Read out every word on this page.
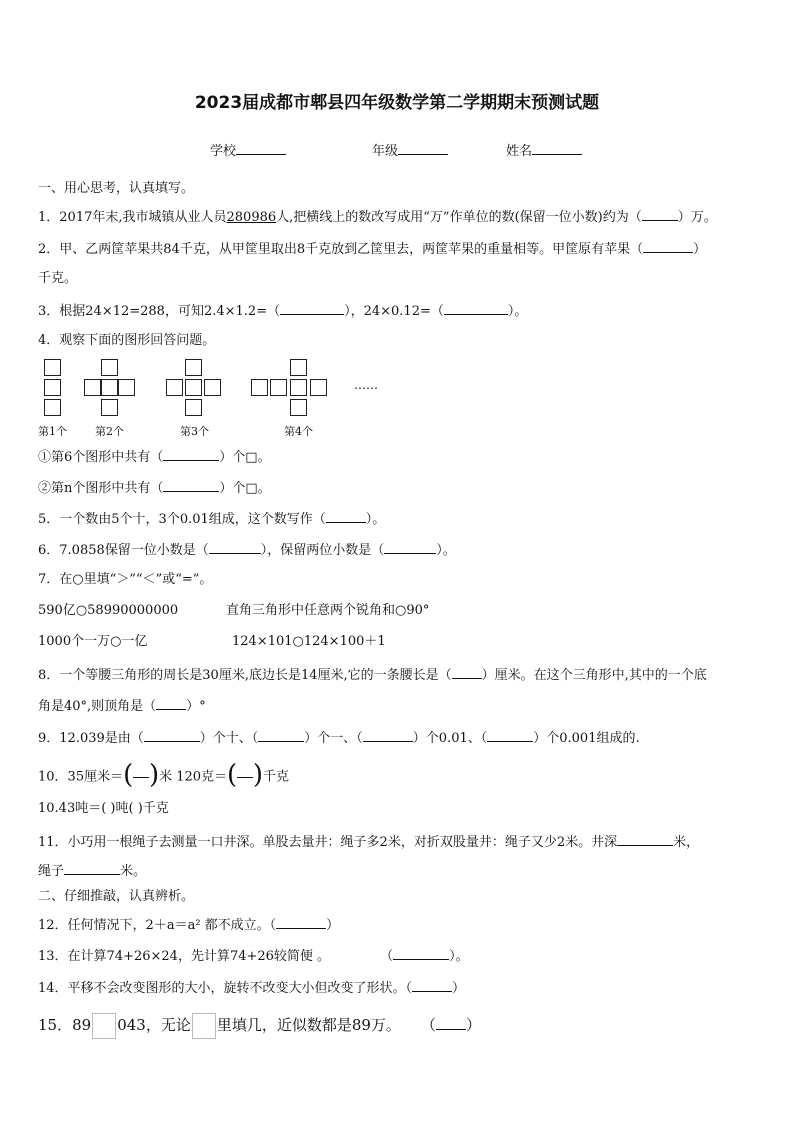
2023届成都市郫县四年级数学第二学期期末预测试题
学校	年级	姓名
一、用心思考，认真填写。
1．2017年末,我市城镇从业人员280986人,把横线上的数改写成用“万”作单位的数(保留一位小数)约为（	）万。
2．甲、乙两筐苹果共84千克，从甲筐里取出8千克放到乙筐里去，两筐苹果的重量相等。甲筐原有苹果（	）
千克。
3．根据24×12=288，可知2.4×1.2=（	），24×0.12=（	）。
4．观察下面的图形回答问题。
……
第1个	第2个	第3个	第4个
①第6个图形中共有（	）个□。
②第n个图形中共有（	）个□。
5．一个数由5个十，3个0.01组成，这个数写作（	）。
6．7.0858保留一位小数是（	），保留两位小数是（	）。
7．在○里填“＞”“＜”或“=”。
590亿○58990000000	直角三角形中任意两个锐角和○90°
1000个一万○一亿	124×101○124×100＋1
8．一个等腰三角形的周长是30厘米,底边长是14厘米,它的一条腰长是（ ）厘米。在这个三角形中,其中的一个底
角是40°,则顶角是（ ）°
9．12.039是由（	）个十、（	）个一、（	）个0.01、（	）个0.001组成的.
10．35厘米＝ ( ) 米 120克＝ ( ) 千克
10.43吨＝( )吨( )千克
11．小巧用一根绳子去测量一口井深。单股去量井：绳子多2米，对折双股量井：绳子又少2米。井深	米，
绳子	米。
二、仔细推敲，认真辨析。
12．任何情况下，2＋a＝a² 都不成立。（	）
13．在计算74+26×24，先计算74+26较简便 。	（	）。
14．平移不会改变图形的大小，旋转不改变大小但改变了形状。（	）
15．89 043，无论 里填几，近似数都是89万。 （ ）
